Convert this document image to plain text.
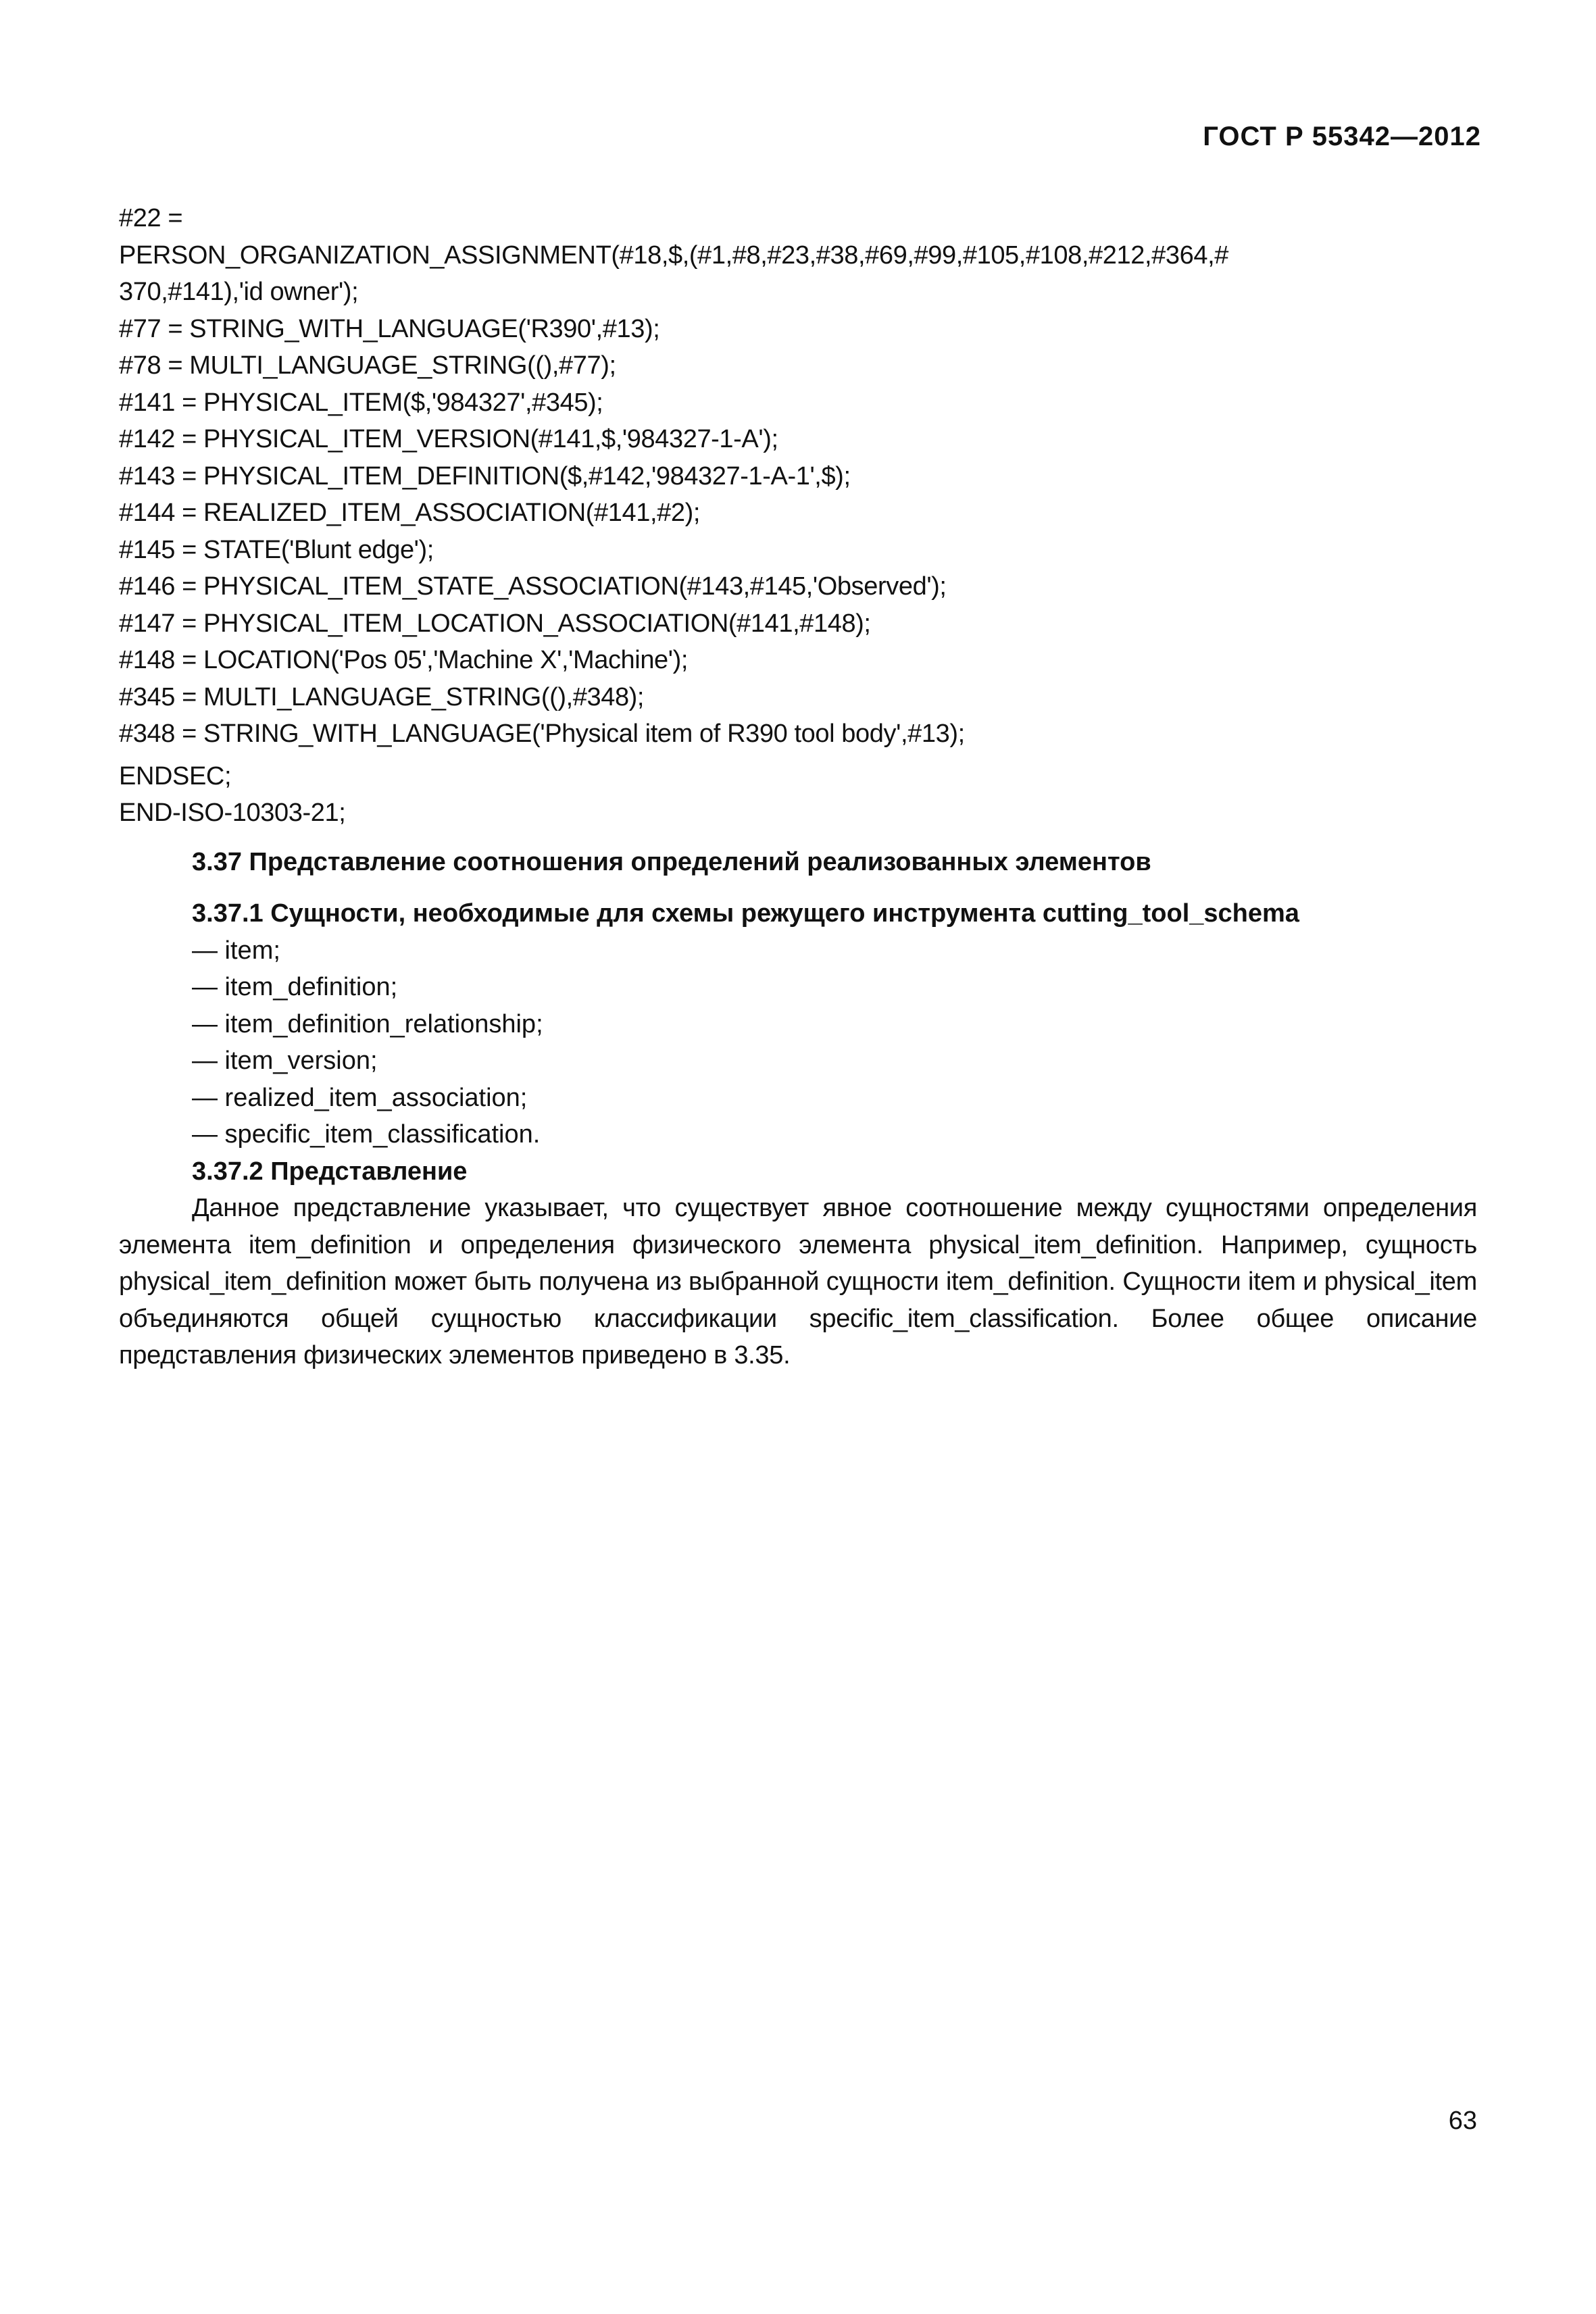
ГОСТ Р 55342—2012
#22 =
PERSON_ORGANIZATION_ASSIGNMENT(#18,$,(#1,#8,#23,#38,#69,#99,#105,#108,#212,#364,#
370,#141),'id owner');
#77 = STRING_WITH_LANGUAGE('R390',#13);
#78 = MULTI_LANGUAGE_STRING((),#77);
#141 = PHYSICAL_ITEM($,'984327',#345);
#142 = PHYSICAL_ITEM_VERSION(#141,$,'984327-1-A');
#143 = PHYSICAL_ITEM_DEFINITION($,#142,'984327-1-A-1',$);
#144 = REALIZED_ITEM_ASSOCIATION(#141,#2);
#145 = STATE('Blunt edge');
#146 = PHYSICAL_ITEM_STATE_ASSOCIATION(#143,#145,'Observed');
#147 = PHYSICAL_ITEM_LOCATION_ASSOCIATION(#141,#148);
#148 = LOCATION('Pos 05','Machine X','Machine');
#345 = MULTI_LANGUAGE_STRING((),#348);
#348 = STRING_WITH_LANGUAGE('Physical item of R390 tool body',#13);
ENDSEC;
END-ISO-10303-21;
3.37 Представление соотношения определений реализованных элементов
3.37.1 Сущности, необходимые для схемы режущего инструмента cutting_tool_schema
— item;
— item_definition;
— item_definition_relationship;
— item_version;
— realized_item_association;
— specific_item_classification.
3.37.2 Представление
Данное представление указывает, что существует явное соотношение между сущностями определения элемента item_definition и определения физического элемента physical_item_definition. Например, сущность physical_item_definition может быть получена из выбранной сущности item_definition. Сущности item и physical_item объединяются общей сущностью классификации specific_item_classification. Более общее описание представления физических элементов приведено в 3.35.
63
